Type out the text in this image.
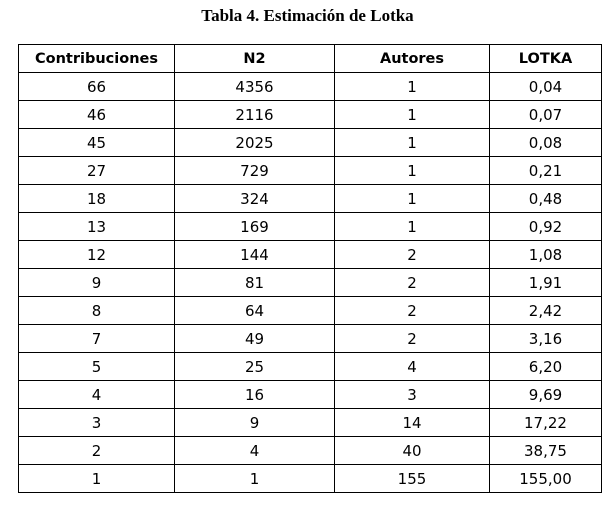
Tabla 4. Estimación de Lotka
Contribuciones	N2	Autores	LOTKA
66	4356	1	0,04
46	2116	1	0,07
45	2025	1	0,08
27	729	1	0,21
18	324	1	0,48
13	169	1	0,92
12	144	2	1,08
9	81	2	1,91
8	64	2	2,42
7	49	2	3,16
5	25	4	6,20
4	16	3	9,69
3	9	14	17,22
2	4	40	38,75
1	1	155	155,00
